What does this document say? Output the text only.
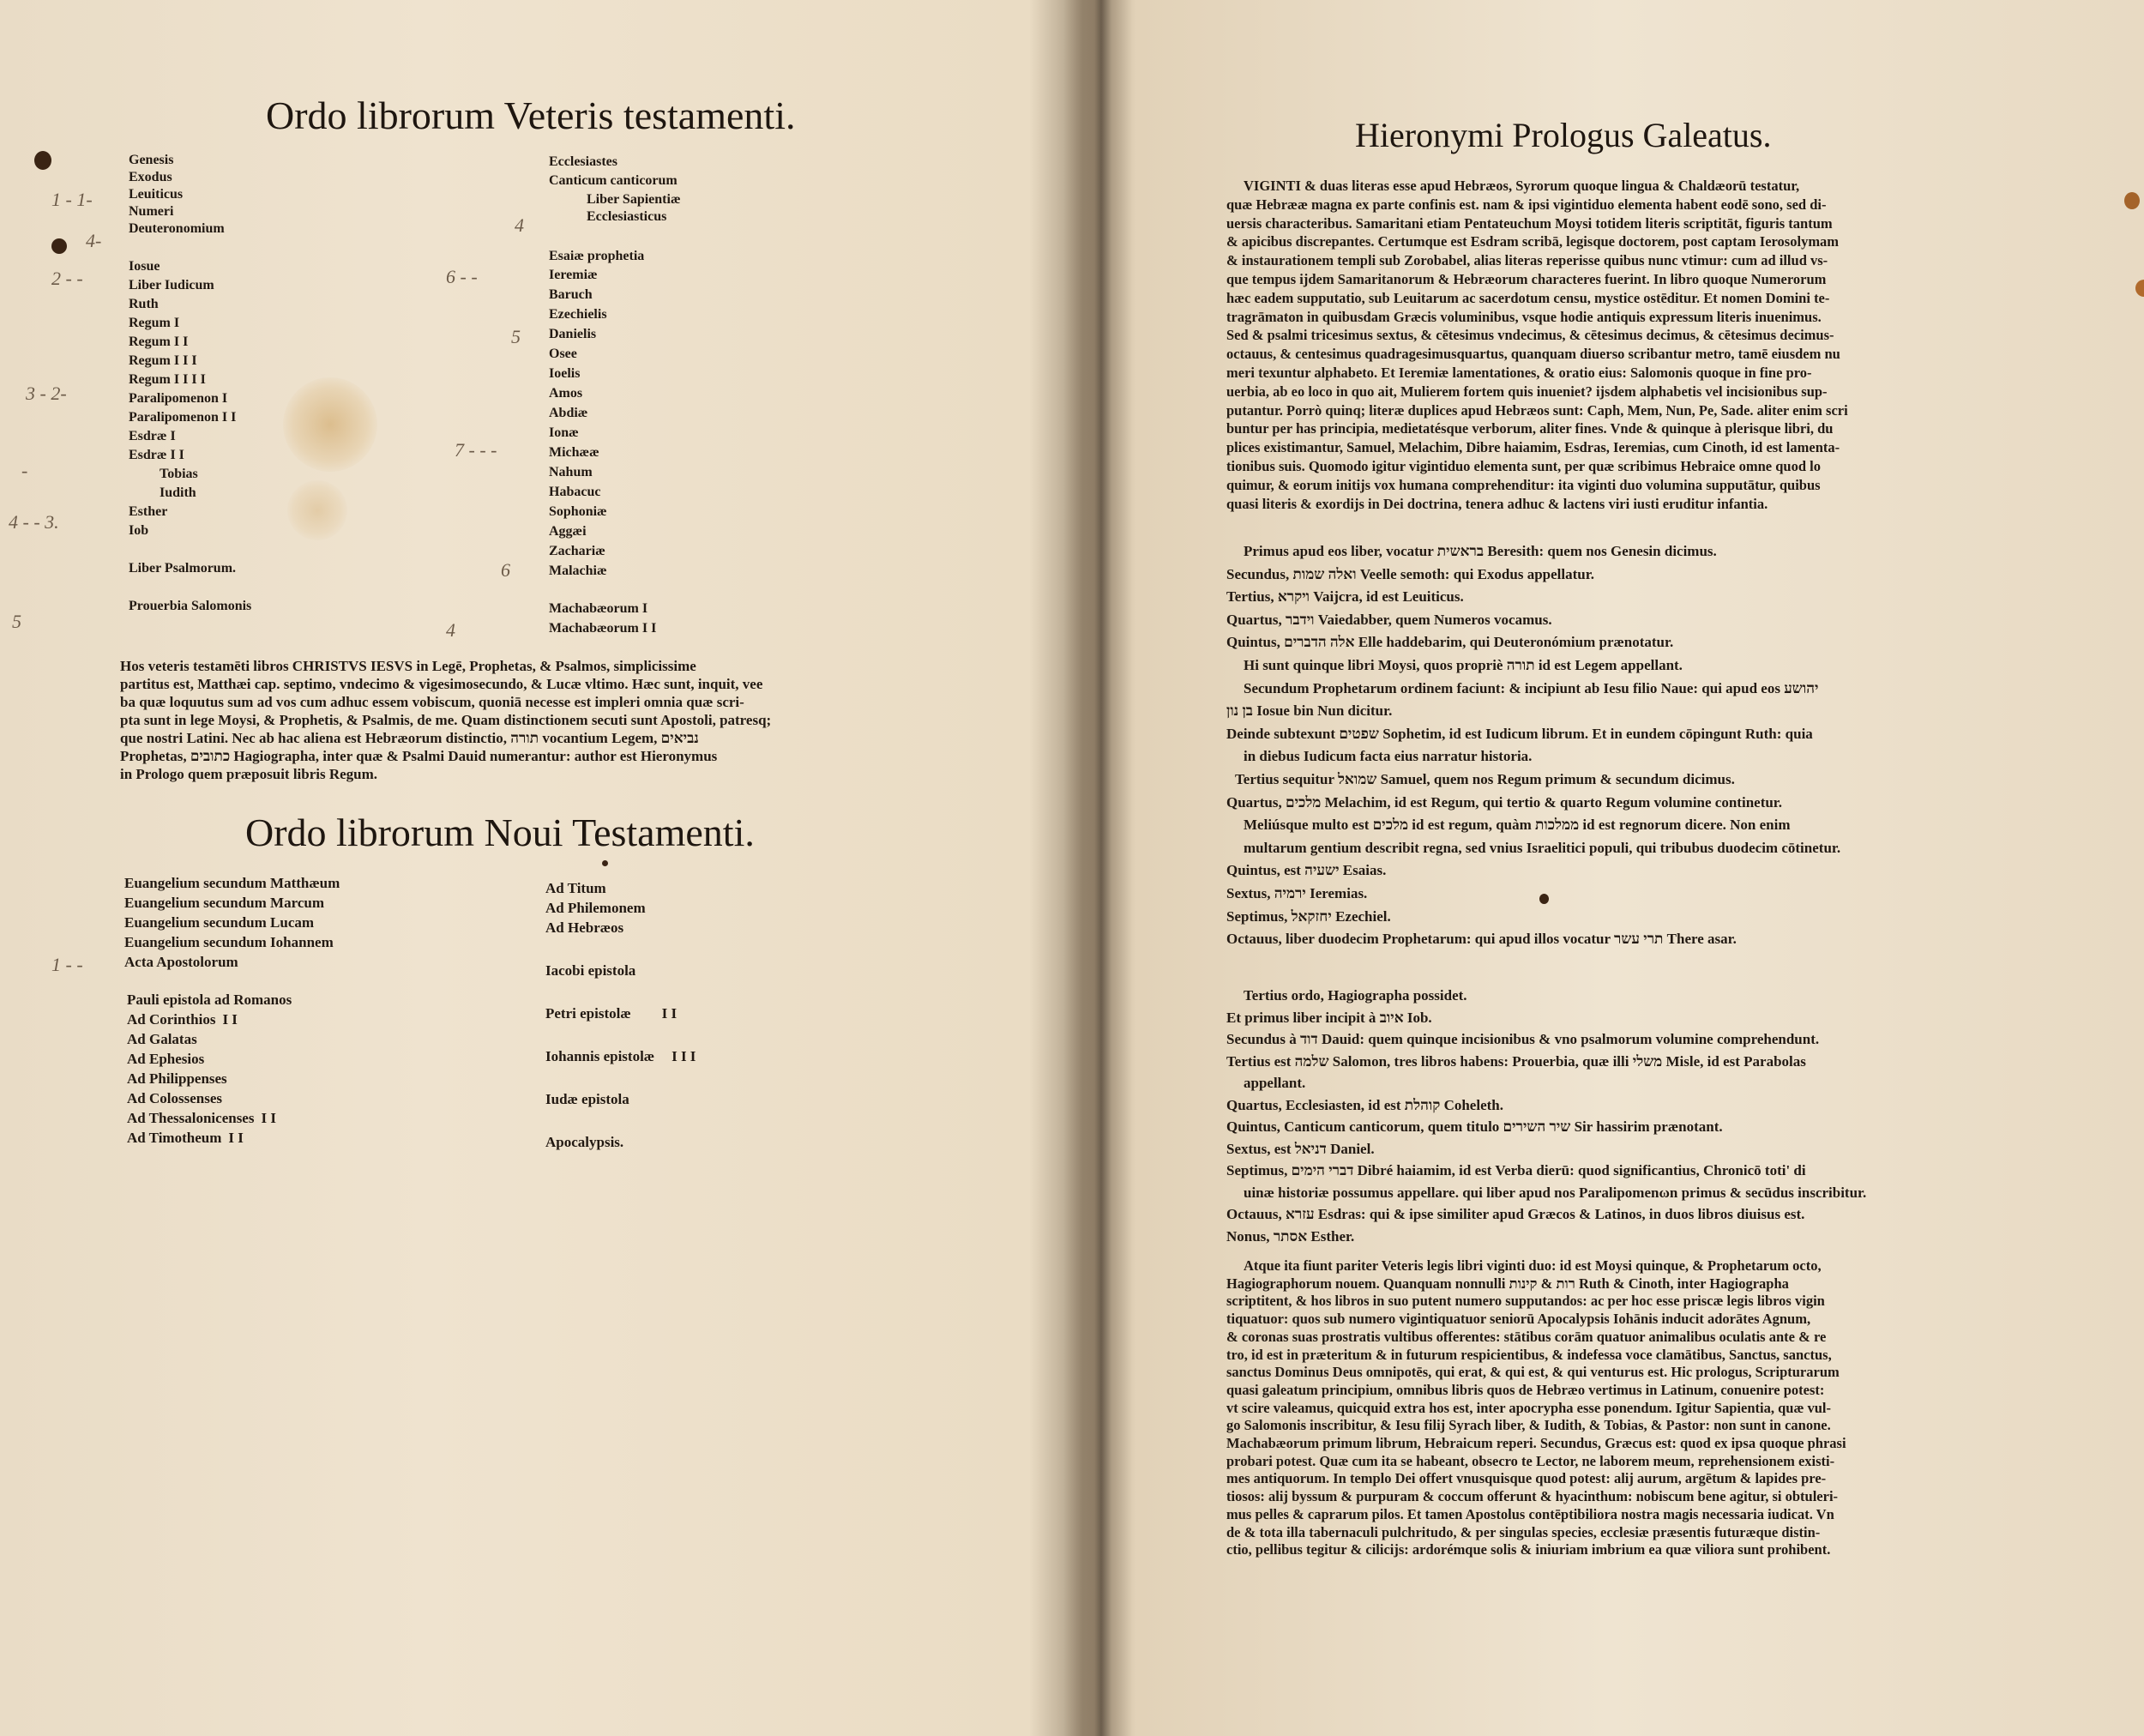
Ordo librorum Veteris testamenti.
Genesis
Exodus
Leuiticus
Numeri
Deuteronomium
Iosue
Liber Iudicum
Ruth
Regum I
Regum I I
Regum I I I
Regum I I I I
Paralipomenon I
Paralipomenon I I
Esdræ I
Esdræ I I
Tobias
Iudith
Esther
Iob
Liber Psalmorum.
Prouerbia Salomonis
Ecclesiastes
Canticum canticorum
Liber Sapientiæ
Ecclesiasticus
Esaiæ prophetia
Ieremiæ
Baruch
Ezechielis
Danielis
Osee
Ioelis
Amos
Abdiæ
Ionæ
Michææ
Nahum
Habacuc
Sophoniæ
Aggæi
Zachariæ
Malachiæ
Machabæorum I
Machabæorum I I
1 - 1-
4-
2 - -
3 - 2-
-
4 - - 3.
5
6 - -
5
7 - - -
6
4
4
1 - -
Hos veteris testamēti libros CHRISTVS IESVS in Legē, Prophetas, & Psalmos, simplicissime
partitus est, Matthæi cap. septimo, vndecimo & vigesimosecundo, & Lucæ vltimo. Hæc sunt, inquit, vee
ba quæ loquutus sum ad vos cum adhuc essem vobiscum, quoniā necesse est impleri omnia quæ scri-
pta sunt in lege Moysi, & Prophetis, & Psalmis, de me. Quam distinctionem secuti sunt Apostoli, patresq;
que nostri Latini. Nec ab hac aliena est Hebræorum distinctio, תורה vocantium Legem, נביאים
Prophetas, כתובים Hagiographa, inter quæ & Psalmi Dauid numerantur: author est Hieronymus
in Prologo quem præposuit libris Regum.
Ordo librorum Noui Testamenti.
Euangelium secundum Matthæum
Euangelium secundum Marcum
Euangelium secundum Lucam
Euangelium secundum Iohannem
Acta Apostolorum
Pauli epistola ad Romanos
Ad Corinthios I I
Ad Galatas
Ad Ephesios
Ad Philippenses
Ad Colossenses
Ad Thessalonicenses I I
Ad Timotheum I I
Ad Titum
Ad Philemonem
Ad Hebræos
Iacobi epistola
Petri epistolæ I I
Iohannis epistolæ I I I
Iudæ epistola
Apocalypsis.
Hieronymi Prologus Galeatus.
VIGINTI & duas literas esse apud Hebræos, Syrorum quoque lingua & Chaldæorū testatur,
quæ Hebrææ magna ex parte confinis est. nam & ipsi vigintiduo elementa habent eodē sono, sed di-
uersis characteribus. Samaritani etiam Pentateuchum Moysi totidem literis scriptitāt, figuris tantum
& apicibus discrepantes. Certumque est Esdram scribā, legisque doctorem, post captam Ierosolymam
& instaurationem templi sub Zorobabel, alias literas reperisse quibus nunc vtimur: cum ad illud vs-
que tempus ijdem Samaritanorum & Hebræorum characteres fuerint. In libro quoque Numerorum
hæc eadem supputatio, sub Leuitarum ac sacerdotum censu, mystice ostēditur. Et nomen Domini te-
tragrāmaton in quibusdam Græcis voluminibus, vsque hodie antiquis expressum literis inuenimus.
Sed & psalmi tricesimus sextus, & cētesimus vndecimus, & cētesimus decimus, & cētesimus decimus-
octauus, & centesimus quadragesimusquartus, quanquam diuerso scribantur metro, tamē eiusdem nu
meri texuntur alphabeto. Et Ieremiæ lamentationes, & oratio eius: Salomonis quoque in fine pro-
uerbia, ab eo loco in quo ait, Mulierem fortem quis inueniet? ijsdem alphabetis vel incisionibus sup-
putantur. Porrò quinq; literæ duplices apud Hebræos sunt: Caph, Mem, Nun, Pe, Sade. aliter enim scri
buntur per has principia, medietatésque verborum, aliter fines. Vnde & quinque à plerisque libri, du
plices existimantur, Samuel, Melachim, Dibre haiamim, Esdras, Ieremias, cum Cinoth, id est lamenta-
tionibus suis. Quomodo igitur vigintiduo elementa sunt, per quæ scribimus Hebraice omne quod lo
quimur, & eorum initijs vox humana comprehenditur: ita viginti duo volumina supputātur, quibus
quasi literis & exordijs in Dei doctrina, tenera adhuc & lactens viri iusti eruditur infantia.
Primus apud eos liber, vocatur בראשית Beresith: quem nos Genesin dicimus.
Secundus, ואלה שמות Veelle semoth: qui Exodus appellatur.
Tertius, ויקרא Vaijcra, id est Leuiticus.
Quartus, וידבר Vaiedabber, quem Numeros vocamus.
Quintus, אלה הדברים Elle haddebarim, qui Deuteronómium prænotatur.
Hi sunt quinque libri Moysi, quos propriè תורה id est Legem appellant.
Secundum Prophetarum ordinem faciunt: & incipiunt ab Iesu filio Naue: qui apud eos יהושע
בן נון Iosue bin Nun dicitur.
Deinde subtexunt שפטים Sophetim, id est Iudicum librum. Et in eundem cōpingunt Ruth: quia
in diebus Iudicum facta eius narratur historia.
Tertius sequitur שמואל Samuel, quem nos Regum primum & secundum dicimus.
Quartus, מלכים Melachim, id est Regum, qui tertio & quarto Regum volumine continetur.
Meliúsque multo est מלכים id est regum, quàm ממלכות id est regnorum dicere. Non enim
multarum gentium describit regna, sed vnius Israelitici populi, qui tribubus duodecim cōtinetur.
Quintus, est ישעיה Esaias.
Sextus, ירמיה Ieremias.
Septimus, יחזקאל Ezechiel.
Octauus, liber duodecim Prophetarum: qui apud illos vocatur תרי עשר There asar.
Tertius ordo, Hagiographa possidet.
Et primus liber incipit à איוב Iob.
Secundus à דוד Dauid: quem quinque incisionibus & vno psalmorum volumine comprehendunt.
Tertius est שלמה Salomon, tres libros habens: Prouerbia, quæ illi משלי Misle, id est Parabolas
appellant.
Quartus, Ecclesiasten, id est קוהלת Coheleth.
Quintus, Canticum canticorum, quem titulo שיר השירים Sir hassirim prænotant.
Sextus, est דניאל Daniel.
Septimus, דברי הימים Dibré haiamim, id est Verba dierū: quod significantius, Chronicō toti' di
uinæ historiæ possumus appellare. qui liber apud nos Paralipomenωn primus & secūdus inscribitur.
Octauus, עזרא Esdras: qui & ipse similiter apud Græcos & Latinos, in duos libros diuisus est.
Nonus, אסתר Esther.
Atque ita fiunt pariter Veteris legis libri viginti duo: id est Moysi quinque, & Prophetarum octo,
Hagiographorum nouem. Quanquam nonnulli רות & קינות Ruth & Cinoth, inter Hagiographa
scriptitent, & hos libros in suo putent numero supputandos: ac per hoc esse priscæ legis libros vigin
tiquatuor: quos sub numero vigintiquatuor seniorū Apocalypsis Iohānis inducit adorātes Agnum,
& coronas suas prostratis vultibus offerentes: stātibus corām quatuor animalibus oculatis ante & re
tro, id est in præteritum & in futurum respicientibus, & indefessa voce clamātibus, Sanctus, sanctus,
sanctus Dominus Deus omnipotēs, qui erat, & qui est, & qui venturus est. Hic prologus, Scripturarum
quasi galeatum principium, omnibus libris quos de Hebræo vertimus in Latinum, conuenire potest:
vt scire valeamus, quicquid extra hos est, inter apocrypha esse ponendum. Igitur Sapientia, quæ vul-
go Salomonis inscribitur, & Iesu filij Syrach liber, & Iudith, & Tobias, & Pastor: non sunt in canone.
Machabæorum primum librum, Hebraicum reperi. Secundus, Græcus est: quod ex ipsa quoque phrasi
probari potest. Quæ cum ita se habeant, obsecro te Lector, ne laborem meum, reprehensionem existi-
mes antiquorum. In templo Dei offert vnusquisque quod potest: alij aurum, argētum & lapides pre-
tiosos: alij byssum & purpuram & coccum offerunt & hyacinthum: nobiscum bene agitur, si obtuleri-
mus pelles & caprarum pilos. Et tamen Apostolus contēptibiliora nostra magis necessaria iudicat. Vn
de & tota illa tabernaculi pulchritudo, & per singulas species, ecclesiæ præsentis futuræque distin-
ctio, pellibus tegitur & cilicijs: ardorémque solis & iniuriam imbrium ea quæ viliora sunt prohibent.
